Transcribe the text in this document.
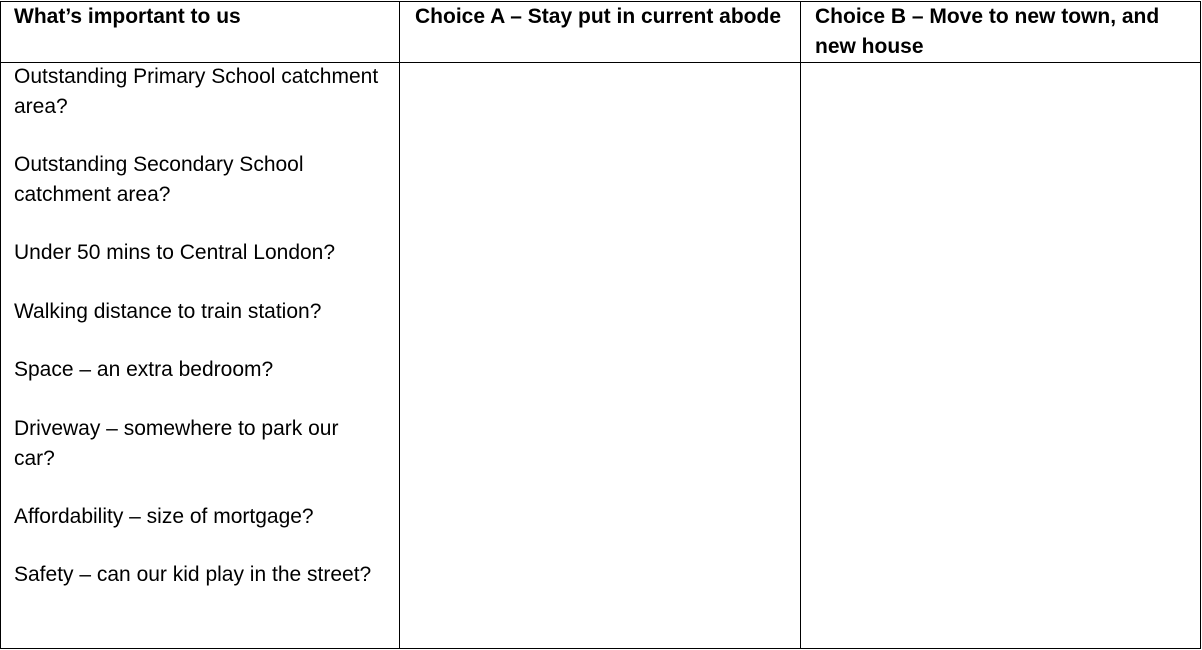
What’s important to us	Choice A – Stay put in current abode	Choice B – Move to new town, and new house
Outstanding Primary School catchment area?
Outstanding Secondary School catchment area?
Under 50 mins to Central London?
Walking distance to train station?
Space – an extra bedroom?
Driveway – somewhere to park our car?
Affordability – size of mortgage?
Safety – can our kid play in the street?
